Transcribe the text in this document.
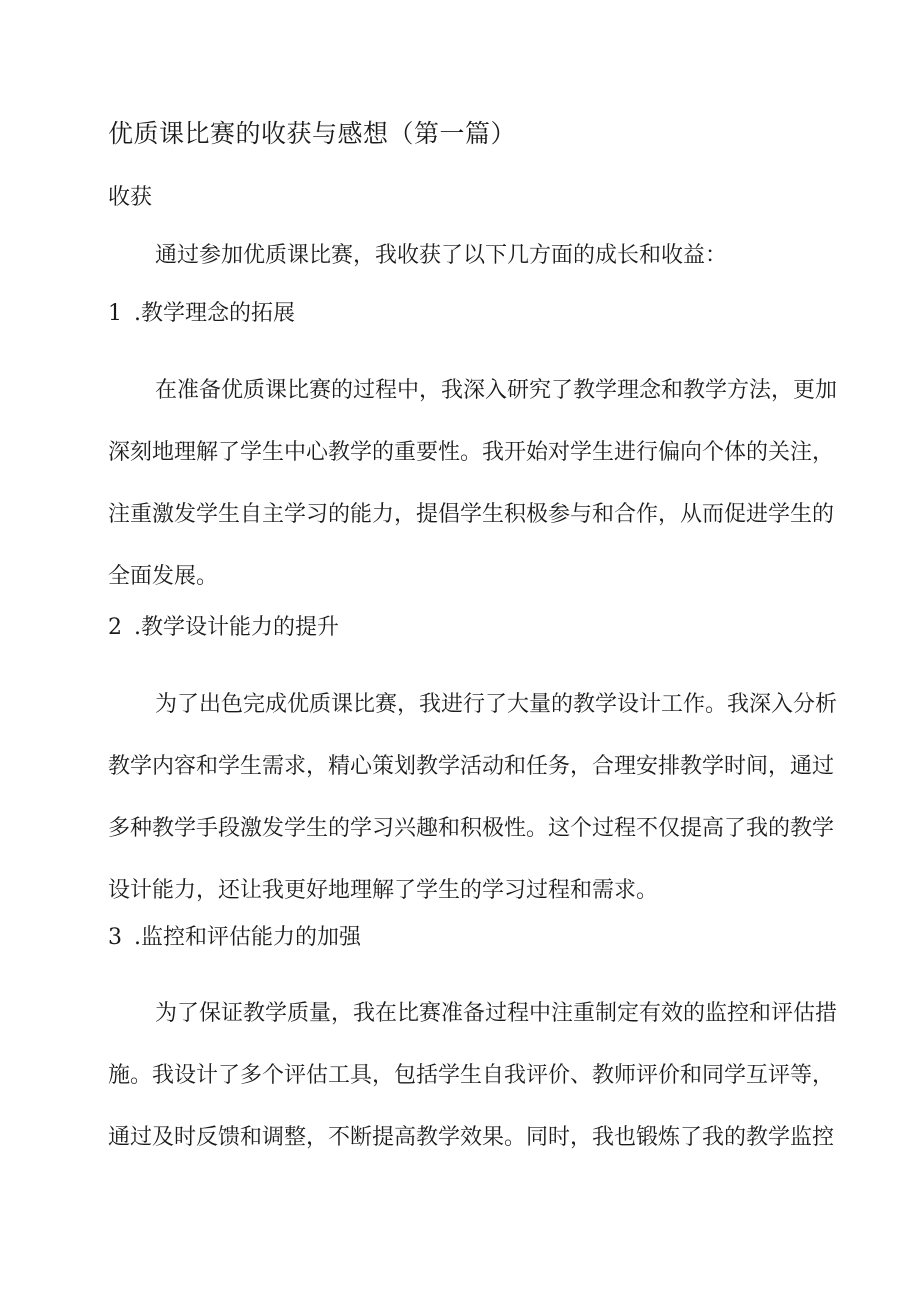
优质课比赛的收获与感想（第一篇）
收获
通过参加优质课比赛，我收获了以下几方面的成长和收益：
1 .教学理念的拓展
在准备优质课比赛的过程中，我深入研究了教学理念和教学方法，更加
深刻地理解了学生中心教学的重要性。我开始对学生进行偏向个体的关注，
注重激发学生自主学习的能力，提倡学生积极参与和合作，从而促进学生的
全面发展。
2 .教学设计能力的提升
为了出色完成优质课比赛，我进行了大量的教学设计工作。我深入分析
教学内容和学生需求，精心策划教学活动和任务，合理安排教学时间，通过
多种教学手段激发学生的学习兴趣和积极性。这个过程不仅提高了我的教学
设计能力，还让我更好地理解了学生的学习过程和需求。
3 .监控和评估能力的加强
为了保证教学质量，我在比赛准备过程中注重制定有效的监控和评估措
施。我设计了多个评估工具，包括学生自我评价、教师评价和同学互评等，
通过及时反馈和调整，不断提高教学效果。同时，我也锻炼了我的教学监控
